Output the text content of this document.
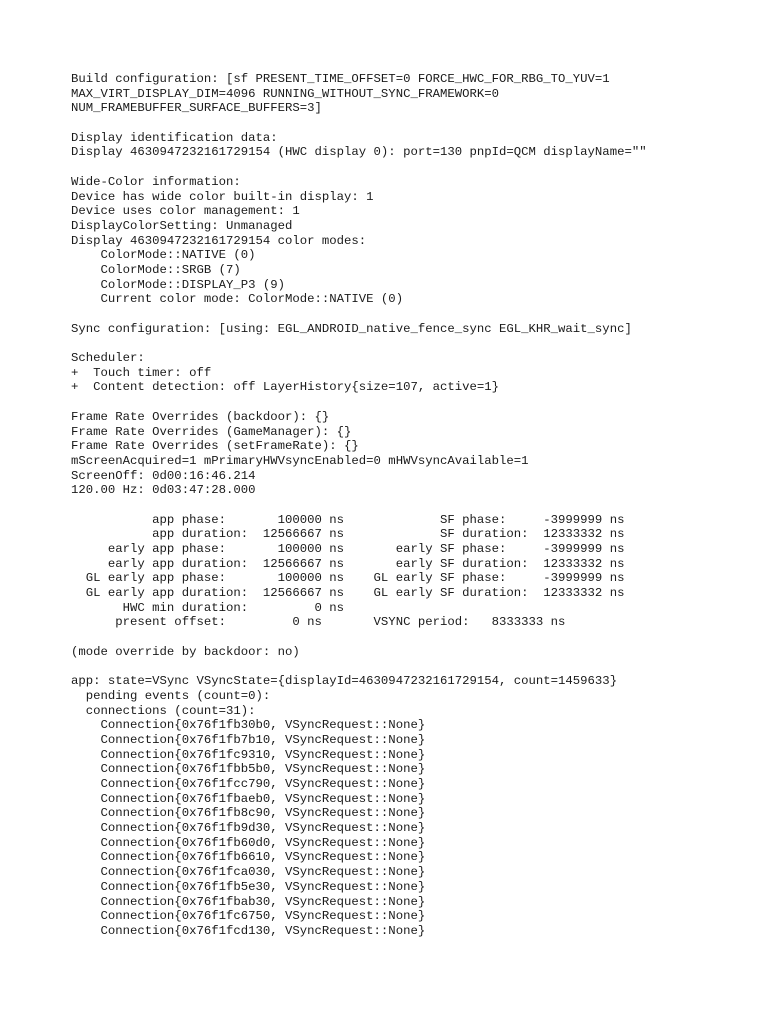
Build configuration: [sf PRESENT_TIME_OFFSET=0 FORCE_HWC_FOR_RBG_TO_YUV=1
MAX_VIRT_DISPLAY_DIM=4096 RUNNING_WITHOUT_SYNC_FRAMEWORK=0
NUM_FRAMEBUFFER_SURFACE_BUFFERS=3]
Display identification data:
Display 4630947232161729154 (HWC display 0): port=130 pnpId=QCM displayName=""
Wide-Color information:
Device has wide color built-in display: 1
Device uses color management: 1
DisplayColorSetting: Unmanaged
Display 4630947232161729154 color modes:
ColorMode::NATIVE (0)
ColorMode::SRGB (7)
ColorMode::DISPLAY_P3 (9)
Current color mode: ColorMode::NATIVE (0)
Sync configuration: [using: EGL_ANDROID_native_fence_sync EGL_KHR_wait_sync]
Scheduler:
+  Touch timer: off
+  Content detection: off LayerHistory{size=107, active=1}
Frame Rate Overrides (backdoor): {}
Frame Rate Overrides (GameManager): {}
Frame Rate Overrides (setFrameRate): {}
mScreenAcquired=1 mPrimaryHWVsyncEnabled=0 mHWVsyncAvailable=1
ScreenOff: 0d00:16:46.214
120.00 Hz: 0d03:47:28.000
app phase:       100000 ns             SF phase:     -3999999 ns
app duration:  12566667 ns             SF duration:  12333332 ns
early app phase:       100000 ns       early SF phase:     -3999999 ns
early app duration:  12566667 ns       early SF duration:  12333332 ns
GL early app phase:       100000 ns    GL early SF phase:     -3999999 ns
GL early app duration:  12566667 ns    GL early SF duration:  12333332 ns
HWC min duration:         0 ns
present offset:         0 ns       VSYNC period:   8333333 ns
(mode override by backdoor: no)
app: state=VSync VSyncState={displayId=4630947232161729154, count=1459633}
pending events (count=0):
connections (count=31):
Connection{0x76f1fb30b0, VSyncRequest::None}
Connection{0x76f1fb7b10, VSyncRequest::None}
Connection{0x76f1fc9310, VSyncRequest::None}
Connection{0x76f1fbb5b0, VSyncRequest::None}
Connection{0x76f1fcc790, VSyncRequest::None}
Connection{0x76f1fbaeb0, VSyncRequest::None}
Connection{0x76f1fb8c90, VSyncRequest::None}
Connection{0x76f1fb9d30, VSyncRequest::None}
Connection{0x76f1fb60d0, VSyncRequest::None}
Connection{0x76f1fb6610, VSyncRequest::None}
Connection{0x76f1fca030, VSyncRequest::None}
Connection{0x76f1fb5e30, VSyncRequest::None}
Connection{0x76f1fbab30, VSyncRequest::None}
Connection{0x76f1fc6750, VSyncRequest::None}
Connection{0x76f1fcd130, VSyncRequest::None}
